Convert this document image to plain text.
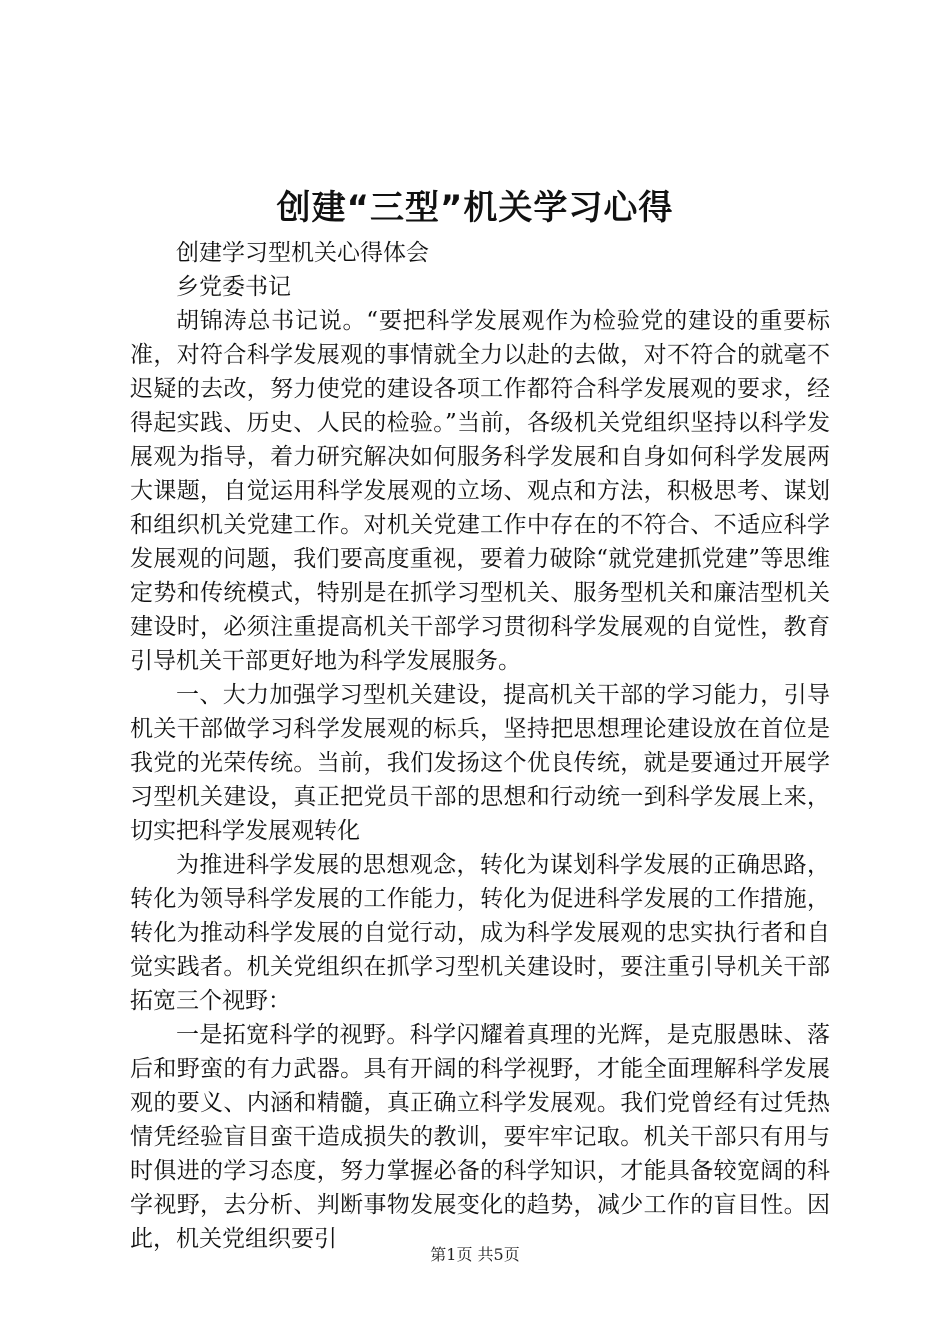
创建“三型”机关学习心得

创建学习型机关心得体会

乡党委书记

胡锦涛总书记说。“要把科学发展观作为检验党的建设的重要标准，对符合科学发展观的事情就全力以赴的去做，对不符合的就毫不迟疑的去改，努力使党的建设各项工作都符合科学发展观的要求，经得起实践、历史、人民的检验。”当前，各级机关党组织坚持以科学发展观为指导，着力研究解决如何服务科学发展和自身如何科学发展两大课题，自觉运用科学发展观的立场、观点和方法，积极思考、谋划和组织机关党建工作。对机关党建工作中存在的不符合、不适应科学发展观的问题，我们要高度重视，要着力破除“就党建抓党建”等思维定势和传统模式，特别是在抓学习型机关、服务型机关和廉洁型机关建设时，必须注重提高机关干部学习贯彻科学发展观的自觉性，教育引导机关干部更好地为科学发展服务。

一、大力加强学习型机关建设，提高机关干部的学习能力，引导机关干部做学习科学发展观的标兵，坚持把思想理论建设放在首位是我党的光荣传统。当前，我们发扬这个优良传统，就是要通过开展学习型机关建设，真正把党员干部的思想和行动统一到科学发展上来，切实把科学发展观转化

为推进科学发展的思想观念，转化为谋划科学发展的正确思路，转化为领导科学发展的工作能力，转化为促进科学发展的工作措施，转化为推动科学发展的自觉行动，成为科学发展观的忠实执行者和自觉实践者。机关党组织在抓学习型机关建设时，要注重引导机关干部拓宽三个视野：

一是拓宽科学的视野。科学闪耀着真理的光辉，是克服愚昧、落后和野蛮的有力武器。具有开阔的科学视野，才能全面理解科学发展观的要义、内涵和精髓，真正确立科学发展观。我们党曾经有过凭热情凭经验盲目蛮干造成损失的教训，要牢牢记取。机关干部只有用与时俱进的学习态度，努力掌握必备的科学知识，才能具备较宽阔的科学视野，去分析、判断事物发展变化的趋势，减少工作的盲目性。因此，机关党组织要引

第1页 共5页
